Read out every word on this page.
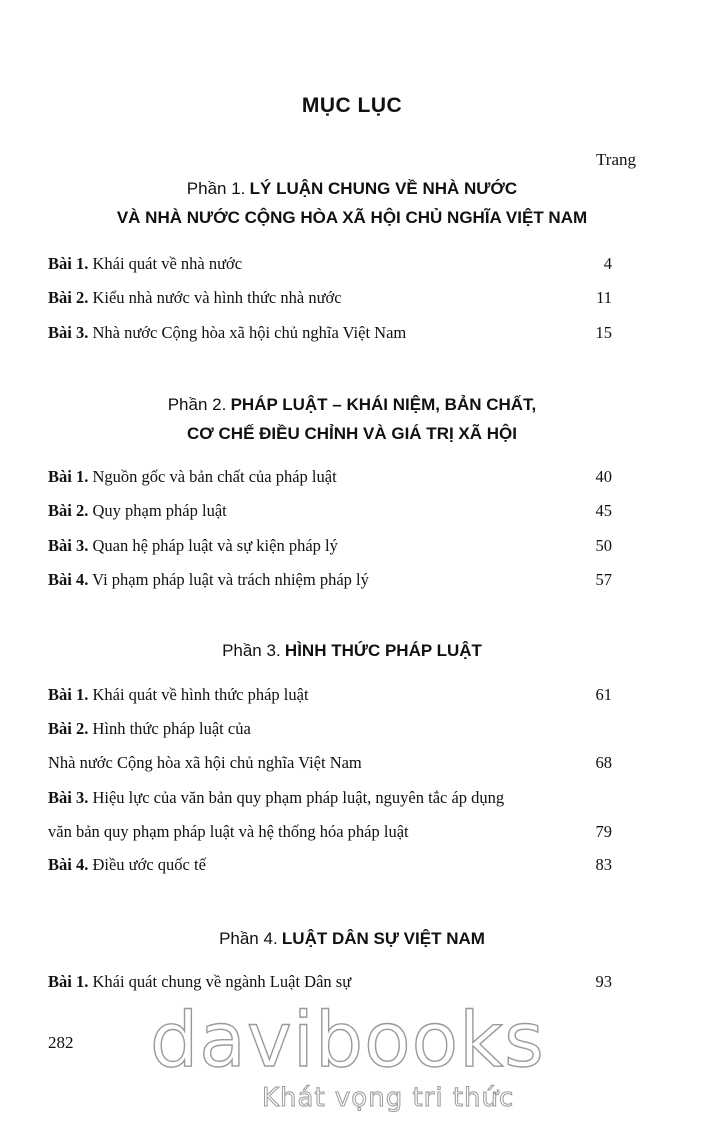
MỤC LỤC
Trang
Phần 1. LÝ LUẬN CHUNG VỀ NHÀ NƯỚC
VÀ NHÀ NƯỚC CỘNG HÒA XÃ HỘI CHỦ NGHĨA VIỆT NAM
Bài 1. Khái quát về nhà nước	4
Bài 2. Kiểu nhà nước và hình thức nhà nước	11
Bài 3. Nhà nước Cộng hòa xã hội chủ nghĩa Việt Nam	15
Phần 2. PHÁP LUẬT – KHÁI NIỆM, BẢN CHẤT,
CƠ CHẾ ĐIỀU CHỈNH VÀ GIÁ TRỊ XÃ HỘI
Bài 1. Nguồn gốc và bản chất của pháp luật	40
Bài 2. Quy phạm pháp luật	45
Bài 3. Quan hệ pháp luật và sự kiện pháp lý	50
Bài 4. Vi phạm pháp luật và trách nhiệm pháp lý	57
Phần 3. HÌNH THỨC PHÁP LUẬT
Bài 1. Khái quát về hình thức pháp luật	61
Bài 2. Hình thức pháp luật của
Nhà nước Cộng hòa xã hội chủ nghĩa Việt Nam	68
Bài 3. Hiệu lực của văn bản quy phạm pháp luật, nguyên tắc áp dụng
văn bản quy phạm pháp luật và hệ thống hóa pháp luật	79
Bài 4. Điều ước quốc tế	83
Phần 4. LUẬT DÂN SỰ VIỆT NAM
Bài 1. Khái quát chung về ngành Luật Dân sự	93
davibooks
Khát vọng tri thức
282
